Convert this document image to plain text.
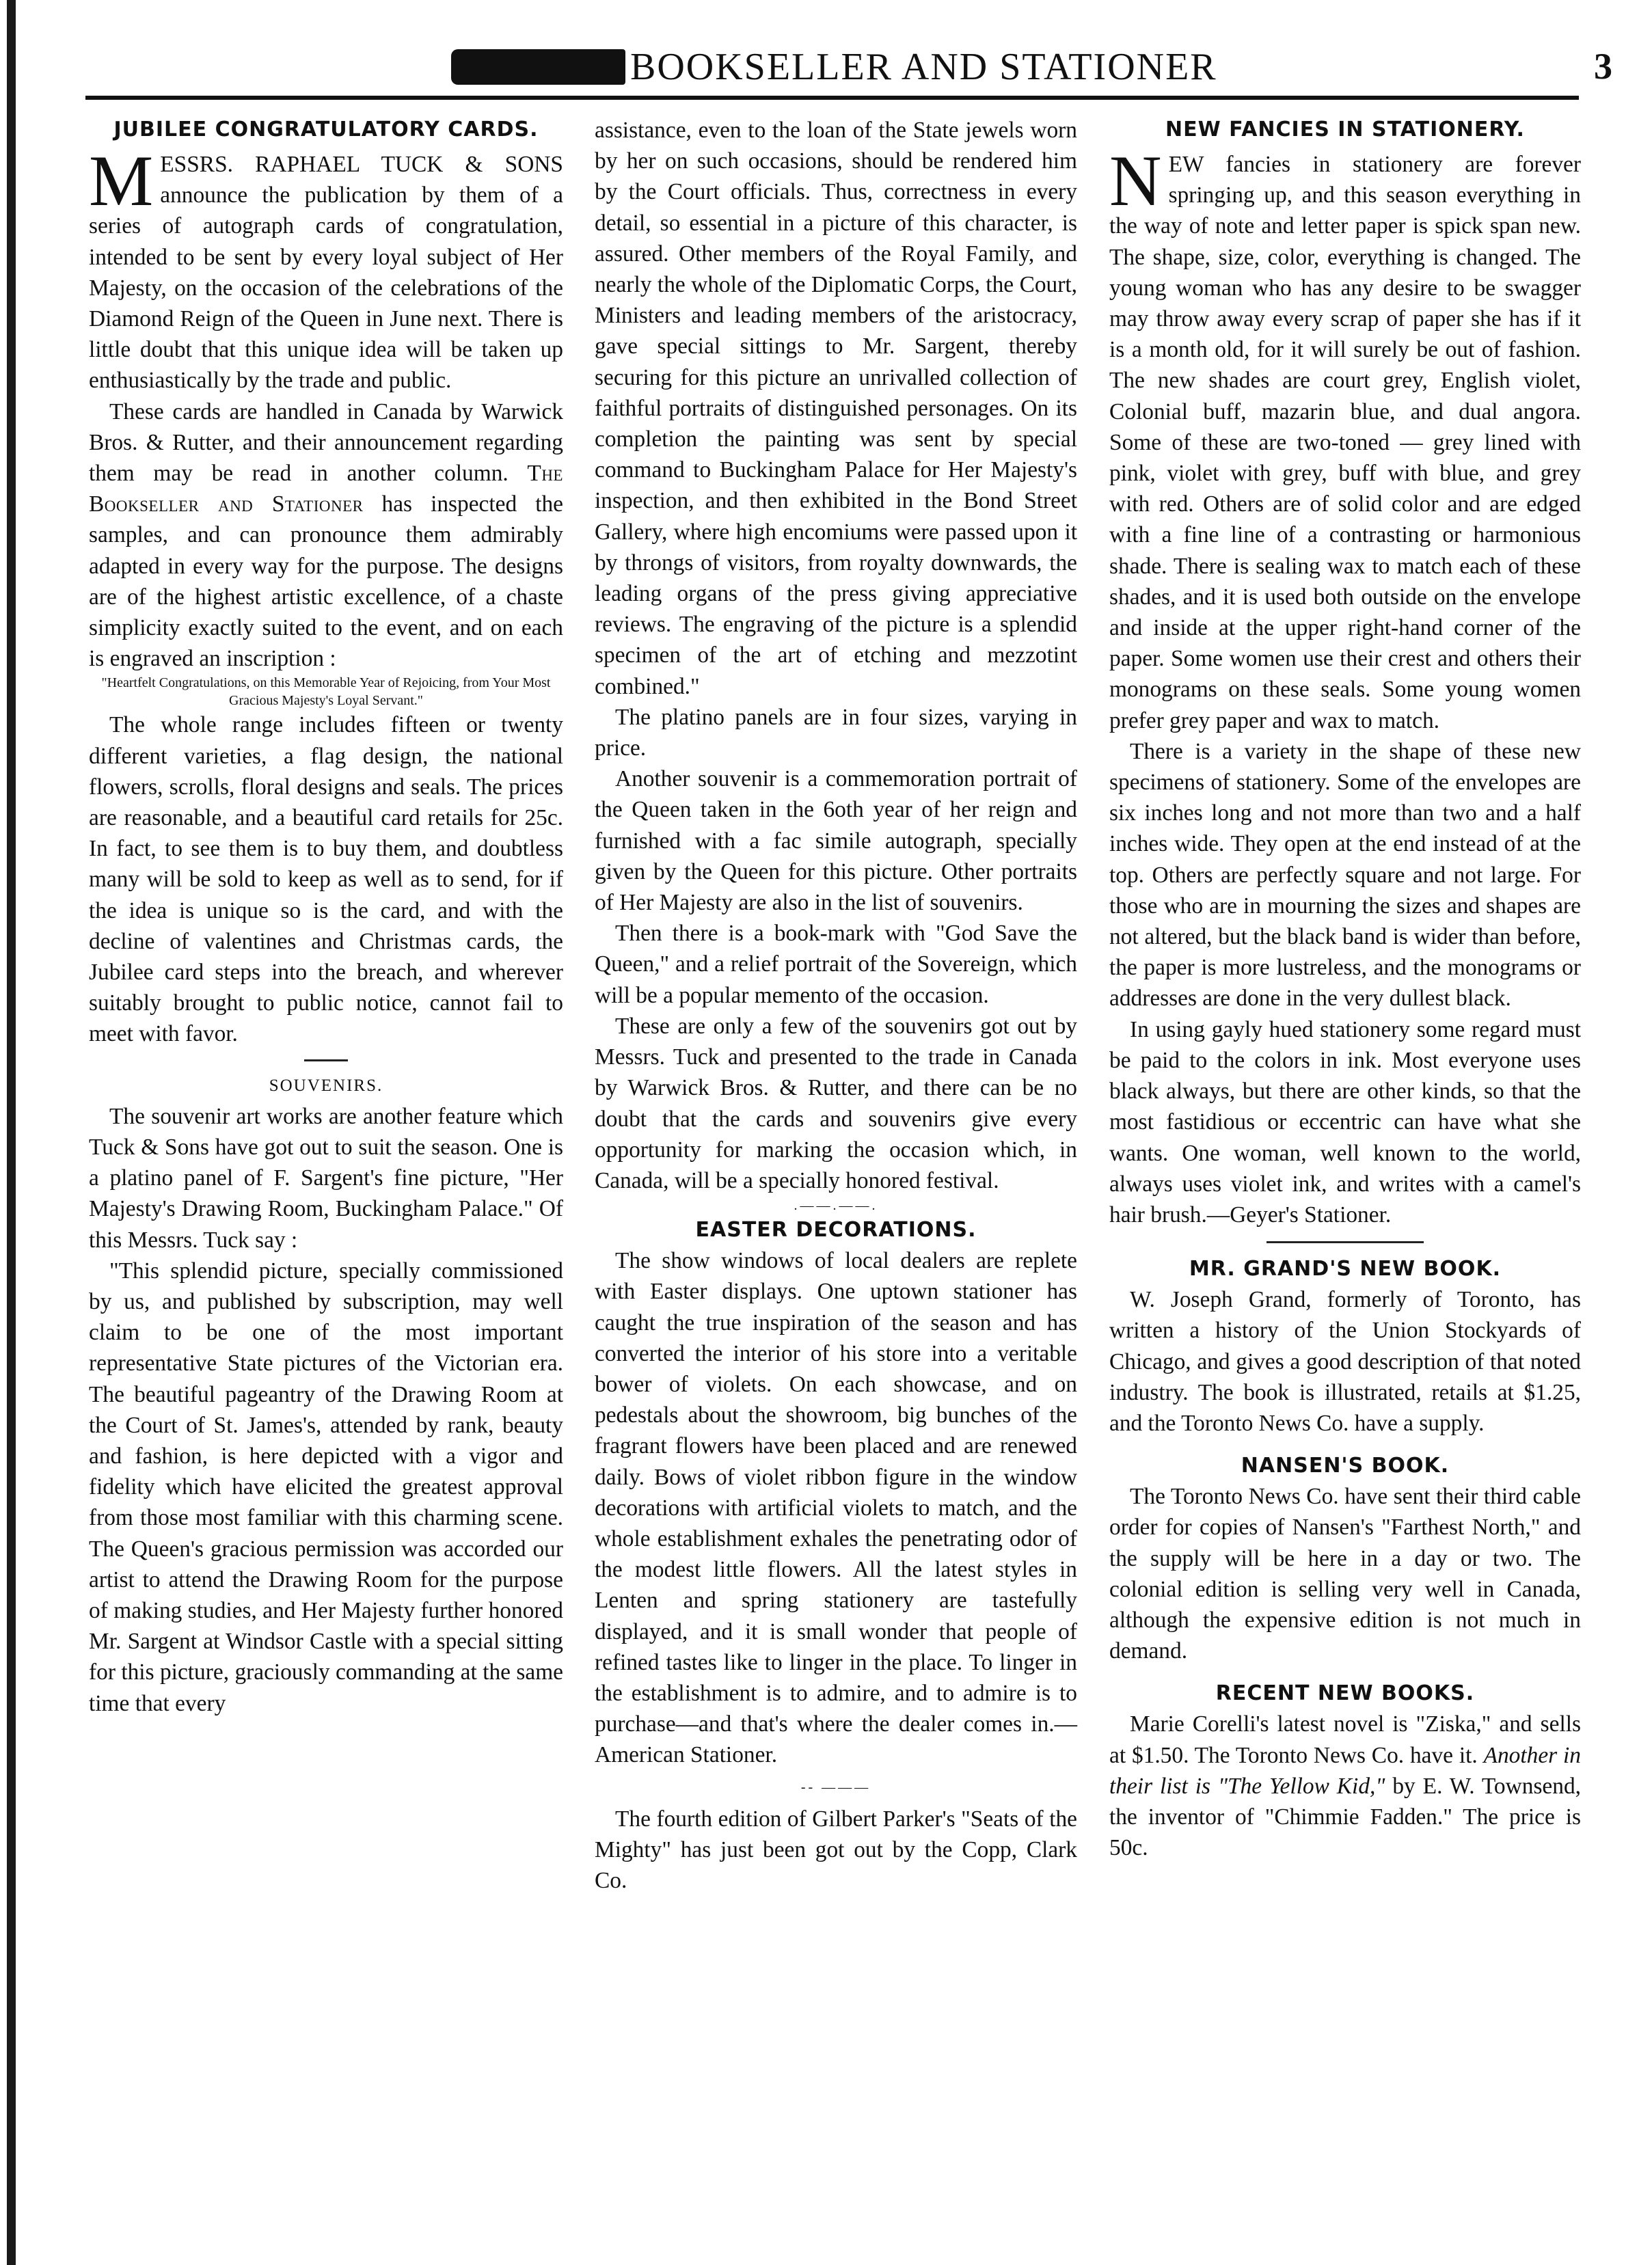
BOOKSELLER AND STATIONER	3
JUBILEE CONGRATULATORY CARDS.

MESSRS. RAPHAEL TUCK & SONS announce the publication by them of a series of autograph cards of congratulation, intended to be sent by every loyal subject of Her Majesty, on the occasion of the celebrations of the Diamond Reign of the Queen in June next. There is little doubt that this unique idea will be taken up enthusiastically by the trade and public.

These cards are handled in Canada by Warwick Bros. & Rutter, and their announcement regarding them may be read in another column. The Bookseller and Stationer has inspected the samples, and can pronounce them admirably adapted in every way for the purpose. The designs are of the highest artistic excellence, of a chaste simplicity exactly suited to the event, and on each is engraved an inscription :

"Heartfelt Congratulations, on this Memorable Year of Rejoicing, from Your Most Gracious Majesty's Loyal Servant."

The whole range includes fifteen or twenty different varieties, a flag design, the national flowers, scrolls, floral designs and seals. The prices are reasonable, and a beautiful card retails for 25c. In fact, to see them is to buy them, and doubtless many will be sold to keep as well as to send, for if the idea is unique so is the card, and with the decline of valentines and Christmas cards, the Jubilee card steps into the breach, and wherever suitably brought to public notice, cannot fail to meet with favor.

SOUVENIRS.

The souvenir art works are another feature which Tuck & Sons have got out to suit the season. One is a platino panel of F. Sargent's fine picture, "Her Majesty's Drawing Room, Buckingham Palace." Of this Messrs. Tuck say :

"This splendid picture, specially commissioned by us, and published by subscription, may well claim to be one of the most important representative State pictures of the Victorian era. The beautiful pageantry of the Drawing Room at the Court of St. James's, attended by rank, beauty and fashion, is here depicted with a vigor and fidelity which have elicited the greatest approval from those most familiar with this charming scene. The Queen's gracious permission was accorded our artist to attend the Drawing Room for the purpose of making studies, and Her Majesty further honored Mr. Sargent at Windsor Castle with a special sitting for this picture, graciously commanding at the same time that every

assistance, even to the loan of the State jewels worn by her on such occasions, should be rendered him by the Court officials. Thus, correctness in every detail, so essential in a picture of this character, is assured. Other members of the Royal Family, and nearly the whole of the Diplomatic Corps, the Court, Ministers and leading members of the aristocracy, gave special sittings to Mr. Sargent, thereby securing for this picture an unrivalled collection of faithful portraits of distinguished personages. On its completion the painting was sent by special command to Buckingham Palace for Her Majesty's inspection, and then exhibited in the Bond Street Gallery, where high encomiums were passed upon it by throngs of visitors, from royalty downwards, the leading organs of the press giving appreciative reviews. The engraving of the picture is a splendid specimen of the art of etching and mezzotint combined."

The platino panels are in four sizes, varying in price.

Another souvenir is a commemoration portrait of the Queen taken in the 6oth year of her reign and furnished with a fac simile autograph, specially given by the Queen for this picture. Other portraits of Her Majesty are also in the list of souvenirs.

Then there is a book-mark with "God Save the Queen," and a relief portrait of the Sovereign, which will be a popular memento of the occasion.

These are only a few of the souvenirs got out by Messrs. Tuck and presented to the trade in Canada by Warwick Bros. & Rutter, and there can be no doubt that the cards and souvenirs give every opportunity for marking the occasion which, in Canada, will be a specially honored festival.

.——.——.
EASTER DECORATIONS.

The show windows of local dealers are replete with Easter displays. One uptown stationer has caught the true inspiration of the season and has converted the interior of his store into a veritable bower of violets. On each showcase, and on pedestals about the showroom, big bunches of the fragrant flowers have been placed and are renewed daily. Bows of violet ribbon figure in the window decorations with artificial violets to match, and the whole establishment exhales the penetrating odor of the modest little flowers. All the latest styles in Lenten and spring stationery are tastefully displayed, and it is small wonder that people of refined tastes like to linger in the place. To linger in the establishment is to admire, and to admire is to purchase—and that's where the dealer comes in.—American Stationer.

-- ———

The fourth edition of Gilbert Parker's "Seats of the Mighty" has just been got out by the Copp, Clark Co.

NEW FANCIES IN STATIONERY.

NEW fancies in stationery are forever springing up, and this season everything in the way of note and letter paper is spick span new. The shape, size, color, everything is changed. The young woman who has any desire to be swagger may throw away every scrap of paper she has if it is a month old, for it will surely be out of fashion. The new shades are court grey, English violet, Colonial buff, mazarin blue, and dual angora. Some of these are two-toned — grey lined with pink, violet with grey, buff with blue, and grey with red. Others are of solid color and are edged with a fine line of a contrasting or harmonious shade. There is sealing wax to match each of these shades, and it is used both outside on the envelope and inside at the upper right-hand corner of the paper. Some women use their crest and others their monograms on these seals. Some young women prefer grey paper and wax to match.

There is a variety in the shape of these new specimens of stationery. Some of the envelopes are six inches long and not more than two and a half inches wide. They open at the end instead of at the top. Others are perfectly square and not large. For those who are in mourning the sizes and shapes are not altered, but the black band is wider than before, the paper is more lustreless, and the monograms or addresses are done in the very dullest black.

In using gayly hued stationery some regard must be paid to the colors in ink. Most everyone uses black always, but there are other kinds, so that the most fastidious or eccentric can have what she wants. One woman, well known to the world, always uses violet ink, and writes with a camel's hair brush.—Geyer's Stationer.

MR. GRAND'S NEW BOOK.

W. Joseph Grand, formerly of Toronto, has written a history of the Union Stockyards of Chicago, and gives a good description of that noted industry. The book is illustrated, retails at $1.25, and the Toronto News Co. have a supply.

NANSEN'S BOOK.

The Toronto News Co. have sent their third cable order for copies of Nansen's "Farthest North," and the supply will be here in a day or two. The colonial edition is selling very well in Canada, although the expensive edition is not much in demand.

RECENT NEW BOOKS.

Marie Corelli's latest novel is "Ziska," and sells at $1.50. The Toronto News Co. have it. Another in their list is "The Yellow Kid," by E. W. Townsend, the inventor of "Chimmie Fadden." The price is 50c.
